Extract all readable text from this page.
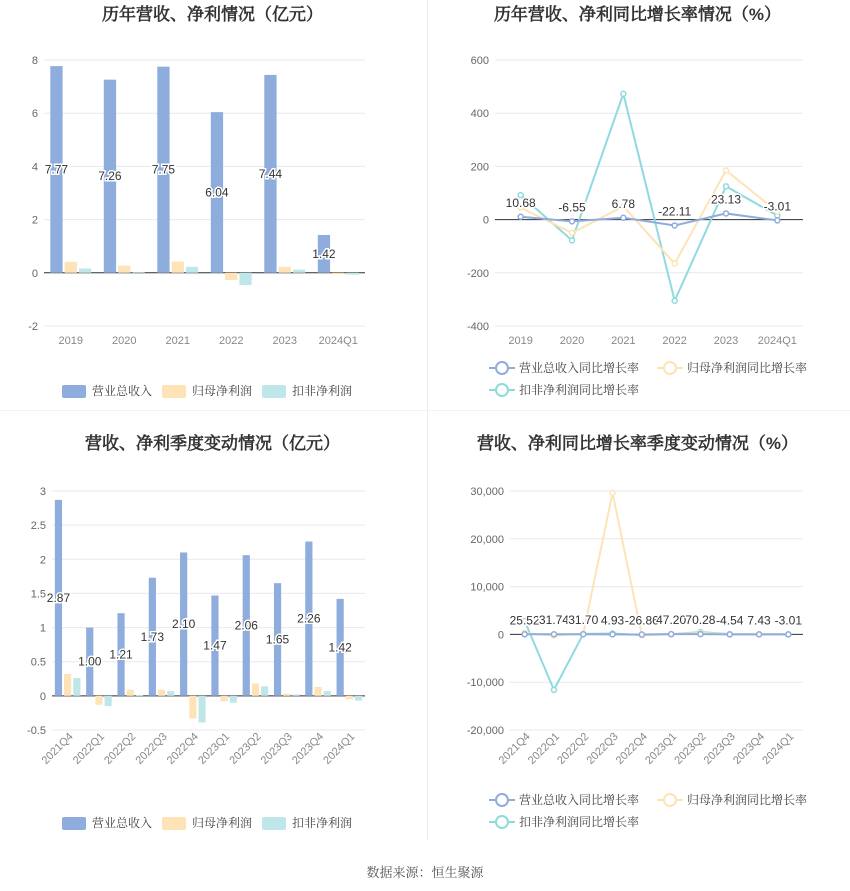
历年营收、净利情况（亿元）
8
6
4
2
0
-2
2019	2020	2021	2022	2023 2024Q1
7.77	7.26	7.75
6.04
7.44
1.42
营业总收入	归母净利润	扣非净利润
历年营收、净利同比增长率情况（%）
600
400
200
0
-200
-400
2019 2020 2021 2022 2023 2024Q1
10.68 -6.55 6.78
-22.11
23.13 -3.01
营业总收入同比增长率	归母净利润同比增长率
扣非净利润同比增长率
营收、净利季度变动情况（亿元）
3
2.5
2
1.5
1
0.5
0
-0.5
2021Q4
2022Q1
2022Q2
2022Q3
2022Q4
2023Q1
2023Q2
2023Q3
2023Q4
2024Q1
2.87
1.00
1.21
1.73
2.10
1.47
2.06
1.65
2.26
1.42
营业总收入	归母净利润	扣非净利润
营收、净利同比增长率季度变动情况（%）
30,000
20,000
10,000
0
-10,000
-20,000
2021Q4
2022Q1
2022Q2
2022Q3
2022Q4
2023Q1
2023Q2
2023Q3
2023Q4
2024Q1
25.52 31.74 31.70 4.93 -26.86
47.20 70.28 -4.54 7.43 -3.01
营业总收入同比增长率	归母净利润同比增长率
扣非净利润同比增长率
数据来源：恒生聚源
